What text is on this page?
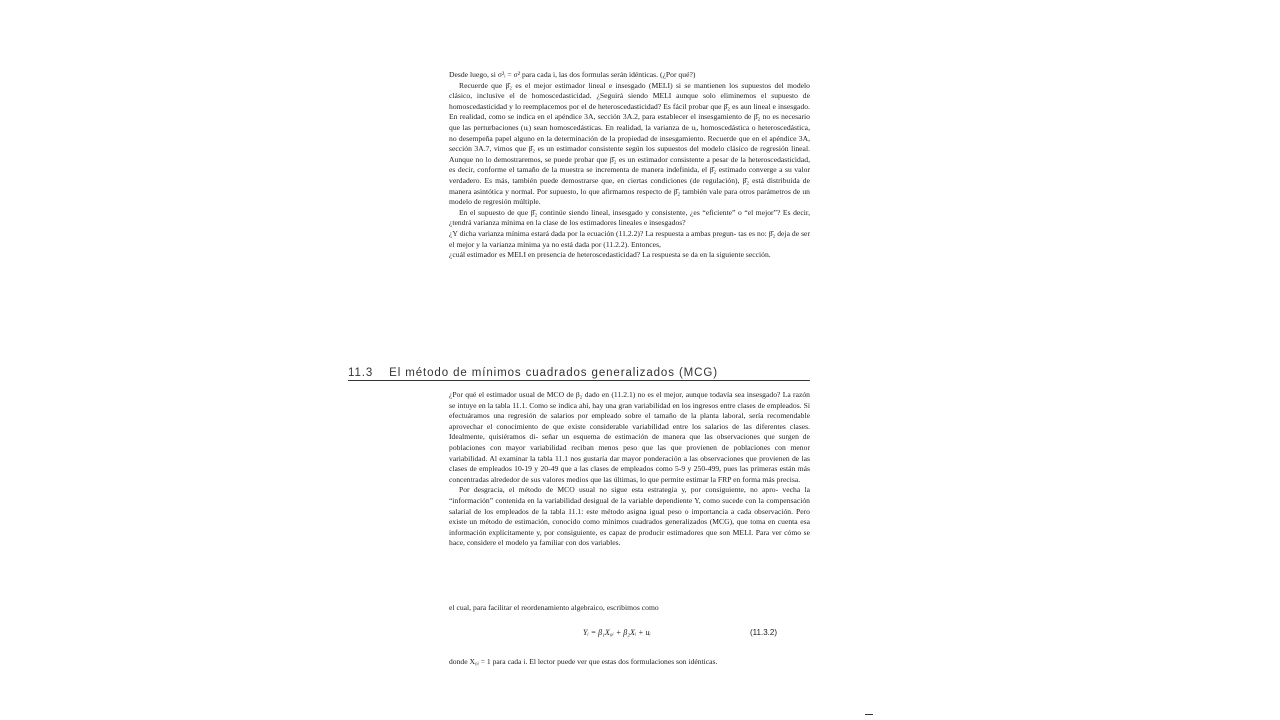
Desde luego, si σ²ᵢ = σ² para cada i, las dos formulas serán idénticas. (¿Por qué?)

Recuerde que β̂₂ es el mejor estimador lineal e insesgado (MELI) si se mantienen los supuestos del modelo clásico, inclusive el de homoscedasticidad. ¿Seguirá siendo MELI aunque solo eliminemos el supuesto de homoscedasticidad y lo reemplacemos por el de heteroscedasticidad? Es fácil probar que β̂₂ es aun lineal e insesgado. En realidad, como se indica en el apéndice 3A, sección 3A.2, para establecer el insesgamiento de β̂₂ no es necesario que las perturbaciones (uᵢ) sean homoscedásticas. En realidad, la varianza de uᵢ, homoscedástica o heteroscedástica, no desempeña papel alguno en la determinación de la propiedad de insesgamiento. Recuerde que en el apéndice 3A, sección 3A.7, vimos que β̂₂ es un estimador consistente según los supuestos del modelo clásico de regresión lineal. Aunque no lo demostraremos, se puede probar que β̂₂ es un estimador consistente a pesar de la heteroscedasticidad, es decir, conforme el tamaño de la muestra se incrementa de manera indefinida, el β̂₂ estimado converge a su valor verdadero. Es más, también puede demostrarse que, en ciertas condiciones (de regulación), β̂₂ está distribuida de manera asintótica y normal. Por supuesto, lo que afirmamos respecto de β̂₂ también vale para otros parámetros de un modelo de regresión múltiple.

En el supuesto de que β̂₂ continúe siendo lineal, insesgado y consistente, ¿es “eficiente” o “el mejor”? Es decir, ¿tendrá varianza mínima en la clase de los estimadores lineales e insesgados?

¿Y dicha varianza mínima estará dada por la ecuación (11.2.2)? La respuesta a ambas pregun- tas es no: β̂₂ deja de ser el mejor y la varianza mínima ya no está dada por (11.2.2). Entonces,

¿cuál estimador es MELI en presencia de heteroscedasticidad? La respuesta se da en la siguiente sección.

11.3 El método de mínimos cuadrados generalizados (MCG)

¿Por qué el estimador usual de MCO de β₂ dado en (11.2.1) no es el mejor, aunque todavía sea insesgado? La razón se intuye en la tabla 11.1. Como se indica ahí, hay una gran variabilidad en los ingresos entre clases de empleados. Si efectuáramos una regresión de salarios por empleado sobre el tamaño de la planta laboral, sería recomendable aprovechar el conocimiento de que existe considerable variabilidad entre los salarios de las diferentes clases. Idealmente, quisiéramos di- señar un esquema de estimación de manera que las observaciones que surgen de poblaciones con mayor variabilidad reciban menos peso que las que provienen de poblaciones con menor variabilidad. Al examinar la tabla 11.1 nos gustaría dar mayor ponderación a las observaciones que provienen de las clases de empleados 10-19 y 20-49 que a las clases de empleados como 5-9 y 250-499, pues las primeras están más concentradas alrededor de sus valores medios que las últimas, lo que permite estimar la FRP en forma más precisa.

Por desgracia, el método de MCO usual no sigue esta estrategia y, por consiguiente, no apro- vecha la “información” contenida en la variabilidad desigual de la variable dependiente Y, como sucede con la compensación salarial de los empleados de la tabla 11.1: este método asigna igual peso o importancia a cada observación. Pero existe un método de estimación, conocido como mínimos cuadrados generalizados (MCG), que toma en cuenta esa información explícitamente y, por consiguiente, es capaz de producir estimadores que son MELI. Para ver cómo se hace, considere el modelo ya familiar con dos variables.

el cual, para facilitar el reordenamiento algebraico, escribimos como

Yᵢ = β₁X₀ᵢ + β₂Xᵢ + uᵢ	(11.3.2)
donde X₀ᵢ = 1 para cada i. El lector puede ver que estas dos formulaciones son idénticas.
